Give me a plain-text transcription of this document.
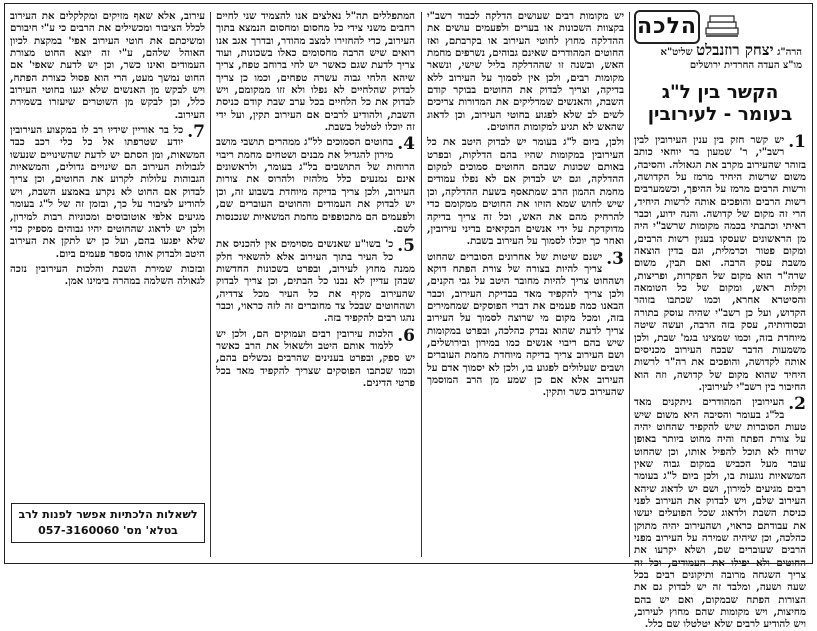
הלכה
הרה"ג יצחק רוזנבלט שליט"א
מו"צ העדה החרדית ירושלים
הקשר בין ל"ג בעומר - לעירובין

1.
יש קשר חזק בין ענין העירובין לבין רשב"י, ר' שמעון בר יוחאי כותב בזוהר שהעירוב מקרב את הגאולה. והסיבה, משום שרשות היחיד מרמז על הקדושה, ורשות הרבים מרמז על ההיפך, וכשמערבים רשות הרבים והופכים אותה לרשות היחיד, הרי זה מקום של קדושה. והנה ידוע, וכבר ראיתי וכתבתי בכמה מקומות שרשב"י היה מן הראשונים שעסקו בענין רשות הרבים, ומקום פטור וכרמלית, וגם בדין הוצאה משבת עסק הרבה. ואם תבין, משום שרה"ר הוא מקום של הפקרות, ופריצות, וקלות ראש, ומקום של כל הטומאה והסיטרא אחרא, וכמו שכתבו בזוהר הקדוש, ועל כן רשב"י שהיה עוסק בתורה ובסודותיה, עסק בזה הרבה, ועשה שיטה מיוחדת בזה, וכמו שמצינו בגמ' שבת, ולכן משמעות הדבר שבכח העירוב מכניסים אותה לקדושה, והופכים את רה"ר לרשות היחיד שהוא מקום של קדושה, וזה הוא החיבור בין רשב"י לעירובין.

2.
העירובין המהודרים ניתקנים מאד בל"ג בעומר והסיבה היא משום שיש טעות הסוברות שיש להקפיד שהחוט יהיה על צורת הפתח והיה מחוט ביותר באופן שרוח לא תוכל להפיל אותו, וכן שהחוט עובר מעל הכביש במקום גבוה שאין המשאיות נוגעות בו, ולכן ביום ל"ג בעומר רבים מגיעים למירון, ושם יש לדאוג שיהא העירוב שלם, ויש לבדוק את העירוב לפני כניסת השבת ולדאוג שכל הפועלים יעשו את עבודתם כראוי, ושהעירוב יהיה מתוקן כהלכה, וכן שיהיה שמירה על העירוב מפני הרבים שעוברים שם, ושלא יקרעו את החוטים ולא יפילו את העמודים, וכל זה צריך השגחה מרובה ותיקונים רבים בכל שעה ושעה, ומלבד זה יש לבדוק גם את הצורות הפתח שבמקום, ואם יש בהם מחיצות, ויש מקומות שהם מחוץ לעירוב, ויש להודיע לרבים שלא יטלטלו שם כלל.

יש מקומות רבים שעושים הדלקה לכבוד רשב"י בקצוות השכונות או בערים ולפעמים עושים את ההדלקה מחוץ לחוטי העירוב או בקרבתם, ואז החוטים המהודרים שאינם גבוהים, נשרפים מחמת האש, ובשנה זו שההדלקה בליל שישי, ונשאר מקומות רבים, ולכן אין לסמוך על העירוב ללא בדיקה, וצריך לבדוק את החוטים בבוקר קודם השבת, והאנשים שמדליקים את המדורות צריכים לשים לב שלא לפגוע בחוטי העירוב, וכן לדאוג שהאש לא תגיע למקומות החוטים.

ולכן, ביום ל"ג בעומר יש לבדוק היטב את כל העירובין במקומות שהיו בהם הדלקות, ובפרט באותם שכונות שבהם החוטים סמוכים למקום ההדלקה, וגם יש לבדוק אם לא נפלו עמודים מחמת ההמון הרב שמתאסף בשעת ההדלקה, וכן שיש לחוש שמא הזיזו את החוטים ממקומם כדי להרחיק מהם את האש, וכל זה צריך בדיקה מדוקדקת על ידי אנשים הבקיאים בדיני עירובין, ואחר כך יוכלו לסמוך על העירוב בשבת.

3.
ישנם שיטות של אחרונים הסוברים שהחוט צריך להיות בצורה של צורת הפתח דוקא ושהחוט צריך להיות מחובר היטב על גבי הקנים, ולכן צריך להקפיד מאד בבדיקת העירוב, וכבר הבאנו כמה פעמים את דברי הפוסקים שמחמירים בזה, ומכל מקום מי שרוצה לסמוך על העירוב צריך לדעת שהוא נבדק כהלכה, ובפרט במקומות שיש בהם ריבוי אנשים כמו במירון ובירושלים, ושם העירוב צריך בדיקה מיוחדת מחמת העוברים ושבים שעלולים לפגוע בו, ולכן לא יסמוך אדם על העירוב אלא אם כן שמע מן הרב המוסמך שהעירוב כשר ותקין.

המתפללים תה"ל נאלצים אנו להצמיד שני לחיים רחבים משני צידי כל מחסום ומחסום הנמצא בתוך העירוב, כדי להחזירו למצב מהודר, ובדרך אגב אנו רואים שיש הרבה מחסומים כאלו בשכונות, ועוד צריך לדעת שגם כאשר יש לחי ברוחב טפח, צריך שיהא הלחי גבוה עשרה טפחים, וכמו כן צריך לבדוק שהלחיים לא נפלו ולא זזו ממקומם, ויש לבדוק את כל הלחיים בכל ערב שבת קודם כניסת השבת, ולהודיע לרבים אם העירוב תקין, ועל ידי זה יוכלו לטלטל בשבת.

4.
בחוטים הסמוכים לל"ג ממהרים תושבי מושב מירון להגדיל את מבנים ושטחים מחמת ריבוי הרוחות של התושבים בל"ג בעומר, ולראשונים אינם נמנעים כלל מלהזיז ולהרוס את צורות העירוב, ולכן צריך בדיקה מיוחדת בשבוע זה, וכן יש לבדוק את העמודים והחוטים העוברים שם, ולפעמים הם מתכופפים מחמת המשאיות שנכנסות לשם.

5.
כ' בשו"ע שאנשים מסוימים אין להכניס את כל העיר בתוך העירוב אלא להשאיר חלק ממנה מחוץ לעירוב, ובפרט בשכונות החדשות שבהן עדיין לא נבנו כל הבתים, וכן צריך לבדוק שהעירוב מקיף את כל העיר מכל צדדיה, ושהחוטים שבכל צד מחוברים זה לזה כראוי, וכבר נהגו רבים להקפיד בזה.

6.
הלכות עירובין רבים ועמוקים הם, ולכן יש ללמוד אותם היטב ולשאול את הרב כאשר יש ספק, ובפרט בענינים שהרבים נכשלים בהם, וכמו שכתבו הפוסקים שצריך להקפיד מאד בכל פרטי הדינים.

עירוב, אלא שאף מזיקים ומקלקלים את העירוב לכלל הציבור ומכשילים את הרבים כי ע"י חיבורם ומשיכתם את חוטי העירוב אפי' במקצת לכיון האוהל שלהם, ע"י זה יוצא החוט מצורת העמודים ואינו כשר, וכן יש לדעת שאפי' אם החוט נמשך מעט, הרי הוא פסול כצורת הפתח, ויש לבקש מן האנשים שלא יגעו בחוטי העירוב כלל, וכן לבקש מן השוטרים שיעזרו בשמירת העירוב.

7.
כל בר אוריין שידיו רב לו במקצוע העירובין יודע שטרפתו אל כל כלי רכב כבד המשאות, ומן הסתם יש לדעת שהשינויים שנעשו לגבולות העירוב הם שינויים גדולים, והמשאיות הגבוהות עלולות לקרוע את החוטים, וכן צריך לבדוק אם החוט לא נקרע באמצע השבת, ויש להודיע לציבור על כך, ובזמן זה של ל"ג בעומר מגיעים אלפי אוטובוסים ומכוניות רבות למירון, ולכן יש לדאוג שהחוטים יהיו גבוהים מספיק כדי שלא יפגעו בהם, ועל כן יש לתקן את העירוב היטב ולבדוק אותו מספר פעמים ביום.

ובזכות שמירת השבת והלכות העירובין נזכה לגאולה השלמה במהרה בימינו אמן.

לשאלות הלכתיות אפשר לפנות לרב
בטלא' מס' 057-3160060
